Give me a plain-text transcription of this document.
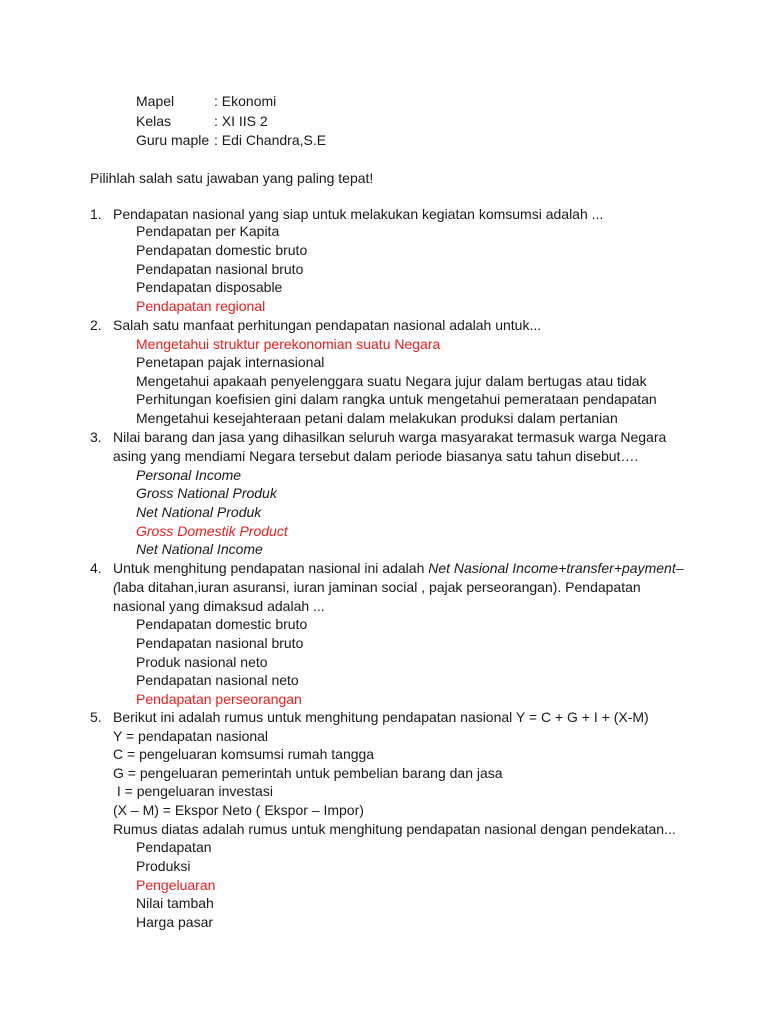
Mapel	: Ekonomi
Kelas	: XI IIS 2
Guru maple : Edi Chandra,S.E
Pilihlah salah satu jawaban yang paling tepat!
1. Pendapatan nasional yang siap untuk melakukan kegiatan komsumsi adalah ...
Pendapatan per Kapita
Pendapatan domestic bruto
Pendapatan nasional bruto
Pendapatan disposable
Pendapatan regional
2. Salah satu manfaat perhitungan pendapatan nasional adalah untuk...
Mengetahui struktur perekonomian suatu Negara
Penetapan pajak internasional
Mengetahui apakaah penyelenggara suatu Negara jujur dalam bertugas atau tidak
Perhitungan koefisien gini dalam rangka untuk mengetahui pemerataan pendapatan
Mengetahui kesejahteraan petani dalam melakukan produksi dalam pertanian
3. Nilai barang dan jasa yang dihasilkan seluruh warga masyarakat termasuk warga Negara
asing yang mendiami Negara tersebut dalam periode biasanya satu tahun disebut….
Personal Income
Gross National Produk
Net National Produk
Gross Domestik Product
Net National Income
4. Untuk menghitung pendapatan nasional ini adalah Net Nasional Income+transfer+payment–
(laba ditahan,iuran asuransi, iuran jaminan social , pajak perseorangan). Pendapatan
nasional yang dimaksud adalah ...
Pendapatan domestic bruto
Pendapatan nasional bruto
Produk nasional neto
Pendapatan nasional neto
Pendapatan perseorangan
5. Berikut ini adalah rumus untuk menghitung pendapatan nasional Y = C + G + I + (X-M)
Y = pendapatan nasional
C = pengeluaran komsumsi rumah tangga
G = pengeluaran pemerintah untuk pembelian barang dan jasa
I = pengeluaran investasi
(X – M) = Ekspor Neto ( Ekspor – Impor)
Rumus diatas adalah rumus untuk menghitung pendapatan nasional dengan pendekatan...
Pendapatan
Produksi
Pengeluaran
Nilai tambah
Harga pasar
